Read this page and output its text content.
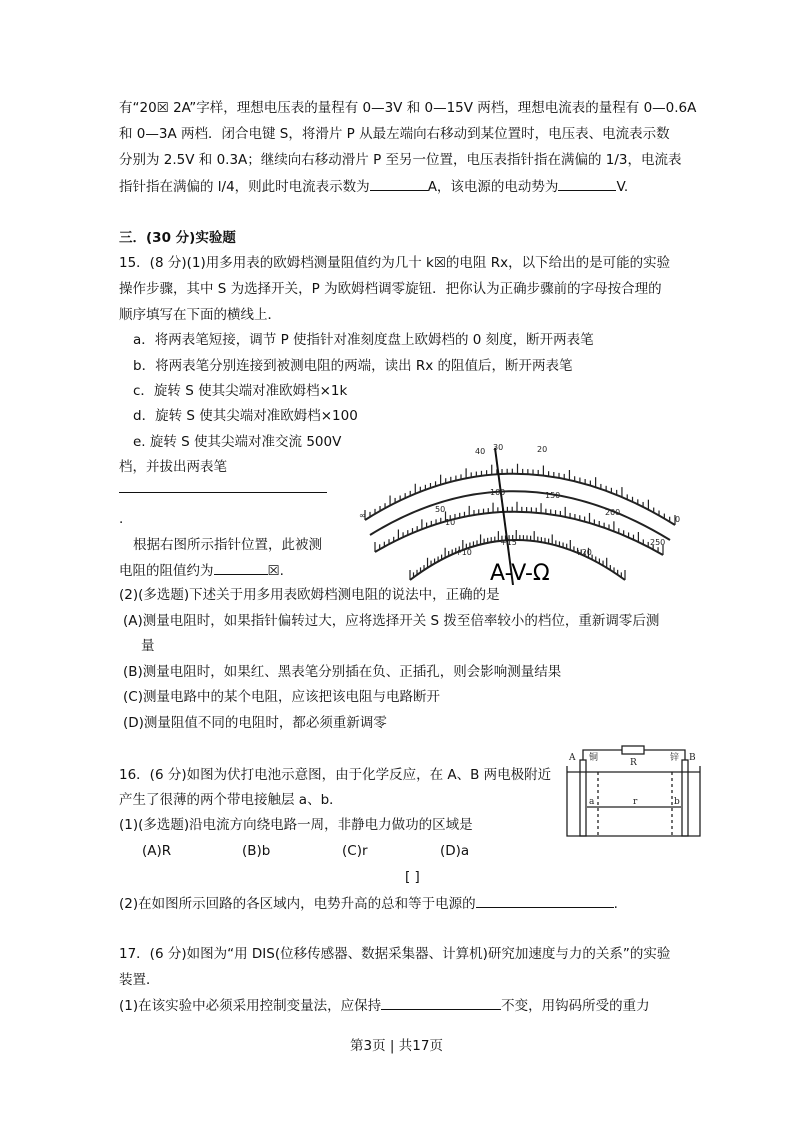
有“20☒ 2A”字样，理想电压表的量程有 0—3V 和 0—15V 两档，理想电流表的量程有 0—0.6A
和 0—3A 两档．闭合电键 S，将滑片 P 从最左端向右移动到某位置时，电压表、电流表示数
分别为 2.5V 和 0.3A；继续向右移动滑片 P 至另一位置，电压表指针指在满偏的 1/3，电流表
指针指在满偏的 l/4，则此时电流表示数为	A，该电源的电动势为	V.
三．(30 分)实验题
15．(8 分)(1)用多用表的欧姆档测量阻值约为几十 k☒的电阻 Rx，以下给出的是可能的实验
操作步骤，其中 S 为选择开关，P 为欧姆档调零旋钮．把你认为正确步骤前的字母按合理的
顺序填写在下面的横线上．
a．将两表笔短接，调节 P 使指针对准刻度盘上欧姆档的 0 刻度，断开两表笔
b．将两表笔分别连接到被测电阻的两端，读出 Rx 的阻值后，断开两表笔
c．旋转 S 使其尖端对准欧姆档×1k
d．旋转 S 使其尖端对准欧姆档×100
e. 旋转 S 使其尖端对准交流 500V
档，并拔出两表笔
.
根据右图所示指针位置，此被测
电阻的阻值约为	☒.	A-V-Ω
30	20
40
100	150
200
50
250
10
+15
+10	+20
0
∞
(2)(多选题)下述关于用多用表欧姆档测电阻的说法中，正确的是
(A)测量电阻时，如果指针偏转过大，应将选择开关 S 拨至倍率较小的档位，重新调零后测
量
(B)测量电阻时，如果红、黑表笔分别插在负、正插孔，则会影响测量结果
(C)测量电路中的某个电阻，应该把该电阻与电路断开
(D)测量阻值不同的电阻时，都必须重新调零
16．(6 分)如图为伏打电池示意图，由于化学反应，在 A、B 两电极附近
产生了很薄的两个带电接触层 a、b．
(1)(多选题)沿电流方向绕电路一周，非静电力做功的区域是
(A)R	(B)b	(C)r	(D)a
[ ]
(2)在如图所示回路的各区域内，电势升高的总和等于电源的	.
A 铜	R	锌 B
a	r	b
17．(6 分)如图为“用 DIS(位移传感器、数据采集器、计算机)研究加速度与力的关系”的实验
装置．
(1)在该实验中必须采用控制变量法，应保持	不变，用钩码所受的重力
第3页 | 共17页
